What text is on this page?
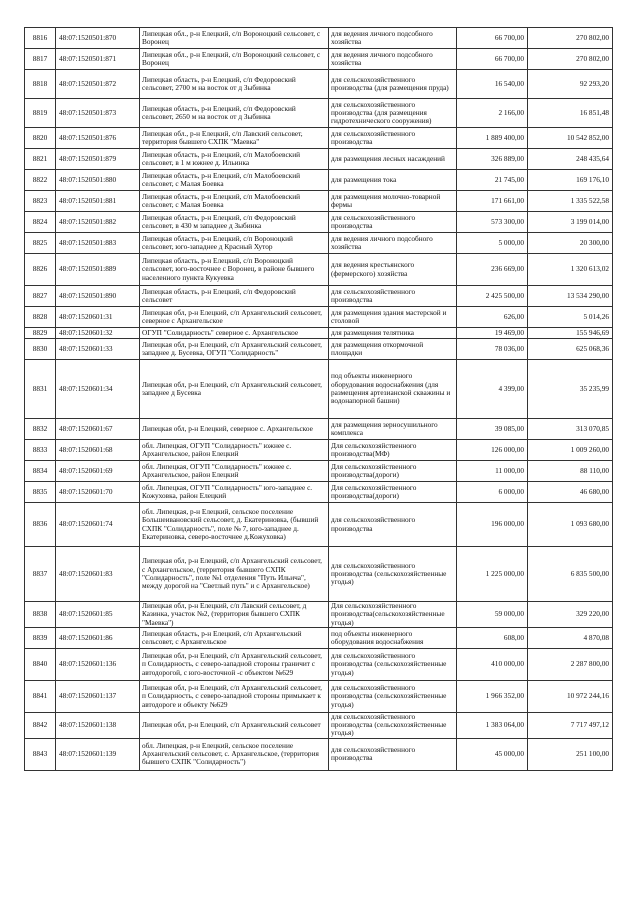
8816	48:07:1520501:870	Липецкая обл., р-н Елецкий, с/п Вороноцкий сельсовет, с Воронец	для ведения личного подсобного хозяйства	66 700,00	270 802,00
8817	48:07:1520501:871	Липецкая обл., р-н Елецкий, с/п Вороноцкий сельсовет, с Воронец	для ведения личного подсобного хозяйства	66 700,00	270 802,00
8818	48:07:1520501:872	Липецкая область, р-н Елецкий, с/п Федоровский сельсовет, 2700 м на восток от д Зыбинка	для сельскохозяйственного производства (для размещения пруда)	16 540,00	92 293,20
8819	48:07:1520501:873	Липецкая область, р-н Елецкий, с/п Федоровский сельсовет, 2650 м на восток от д Зыбинка	для сельскохозяйственного производства (для размещения гидротехнического сооружения)	2 166,00	16 851,48
8820	48:07:1520501:876	Липецкая обл., р-н Елецкий, с/п Лавский сельсовет, территория бывшего СХПК "Маевка"	для сельскохозяйственного производства	1 889 400,00	10 542 852,00
8821	48:07:1520501:879	Липецкая область, р-н Елецкий, с/п Малобоевский сельсовет, в 1 м южнее д. Ильинка	для размещения лесных насаждений	326 889,00	248 435,64
8822	48:07:1520501:880	Липецкая область, р-н Елецкий, с/п Малобоевский сельсовет, с Малая Боевка	для размещения тока	21 745,00	169 176,10
8823	48:07:1520501:881	Липецкая область, р-н Елецкий, с/п Малобоевский сельсовет, с Малая Боевка	для размещения молочно-товарной фермы	171 661,00	1 335 522,58
8824	48:07:1520501:882	Липецкая область, р-н Елецкий, с/п Федоровский сельсовет, в 430 м западнее д Зыбинка	для сельскохозяйственного производства	573 300,00	3 199 014,00
8825	48:07:1520501:883	Липецкая область, р-н Елецкий, с/п Вороноцкий сельсовет, юго-западнее д Красный Хутор	для ведения личного подсобного хозяйства	5 000,00	20 300,00
8826	48:07:1520501:889	Липецкая область, р-н Елецкий, с/п Вороноцкий сельсовет, юго-восточнее с Воронец, в районе бывшего населенного пункта Кукуевка	для ведения крестьянского (фермерского) хозяйства	236 669,00	1 320 613,02
8827	48:07:1520501:890	Липецкая область, р-н Елецкий, с/п Федоровский сельсовет	для сельскохозяйственного производства	2 425 500,00	13 534 290,00
8828	48:07:1520601:31	Липецкая обл, р-н Елецкий, с/п Архангельский сельсовет, северное с Архангельское	для размещения здания мастерской и столовой	626,00	5 014,26
8829	48:07:1520601:32	ОГУП "Солидарность" северное с. Архангельское	для размещения телятника	19 469,00	155 946,69
8830	48:07:1520601:33	Липецкая обл, р-н Елецкий, с/п Архангельский сельсовет, западнее д. Бусевка, ОГУП "Солидарность"	для размещения откормочной площадки	78 036,00	625 068,36
8831	48:07:1520601:34	Липецкая обл, р-н Елецкий, с/п Архангельский сельсовет, западнее д Бусевка	под объекты инженерного оборудования водоснабжения (для размещения артезианской скважины и водонапорной башни)	4 399,00	35 235,99
8832	48:07:1520601:67	Липецкая обл, р-н Елецкий, северное с. Архангельское	для размещения зерносушильного комплекса	39 085,00	313 070,85
8833	48:07:1520601:68	обл. Липецкая, ОГУП "Солидарность" южнее с. Архангельское, район Елецкий	Для сельскохозяйственного производства(МФ)	126 000,00	1 009 260,00
8834	48:07:1520601:69	обл. Липецкая, ОГУП "Солидарность" южнее с. Архангельское, район Елецкий	Для сельскохозяйственного производства(дороги)	11 000,00	88 110,00
8835	48:07:1520601:70	обл. Липецкая, ОГУП "Солидарность" юго-западнее с. Кожуховка, район Елецкий	Для сельскохозяйственного производства(дороги)	6 000,00	46 680,00
8836	48:07:1520601:74	обл. Липецкая, р-н Елецкий, сельское поселение Большеивановский сельсовет, д. Екатериновка, (бывший СХПК "Солидарность", поле № 7, юго-западнее д. Екатериновка, северо-восточнее д.Кожуховка)	для сельскохозяйственного производства	196 000,00	1 093 680,00
8837	48:07:1520601:83	Липецкая обл, р-н Елецкий, с/п Архангельский сельсовет, с Архангельское, (территория бывшего СХПК "Солидарность", поле №1 отделения "Путь Ильича", между дорогой на "Светлый путь" и с Архангельское)	для сельскохозяйственного производства (сельскохозяйственные угодья)	1 225 000,00	6 835 500,00
8838	48:07:1520601:85	Липецкая обл, р-н Елецкий, с/п Лавский сельсовет, д Казинка, участок №2, (территория бывшего СХПК "Маевка")	Для сельскохозяйственного производства(сельскохозяйственные угодья)	59 000,00	329 220,00
8839	48:07:1520601:86	Липецкая область, р-н Елецкий, с/п Архангельский сельсовет, с Архангельское	под объекты инженерного оборудования водоснабжения	608,00	4 870,08
8840	48:07:1520601:136	Липецкая обл, р-н Елецкий, с/п Архангельский сельсовет, п Солидарность, с северо-западной стороны граничит с автодорогой, с юго-восточной -с объектом №629	для сельскохозяйственного производства (сельскохозяйственные угодья)	410 000,00	2 287 800,00
8841	48:07:1520601:137	Липецкая обл, р-н Елецкий, с/п Архангельский сельсовет, п Солидарность, с северо-западной стороны примыкает к автодороге и объекту №629	для сельскохозяйственного производства (сельскохозяйственные угодья)	1 966 352,00	10 972 244,16
8842	48:07:1520601:138	Липецкая обл, р-н Елецкий, с/п Архангельский сельсовет	для сельскохозяйственного производства (сельскохозяйственные угодья)	1 383 064,00	7 717 497,12
8843	48:07:1520601:139	обл. Липецкая, р-н Елецкий, сельское поселение Архангельский сельсовет, с. Архангельское, (территория бывшего СХПК "Солидарность")	для сельскохозяйственного производства	45 000,00	251 100,00
